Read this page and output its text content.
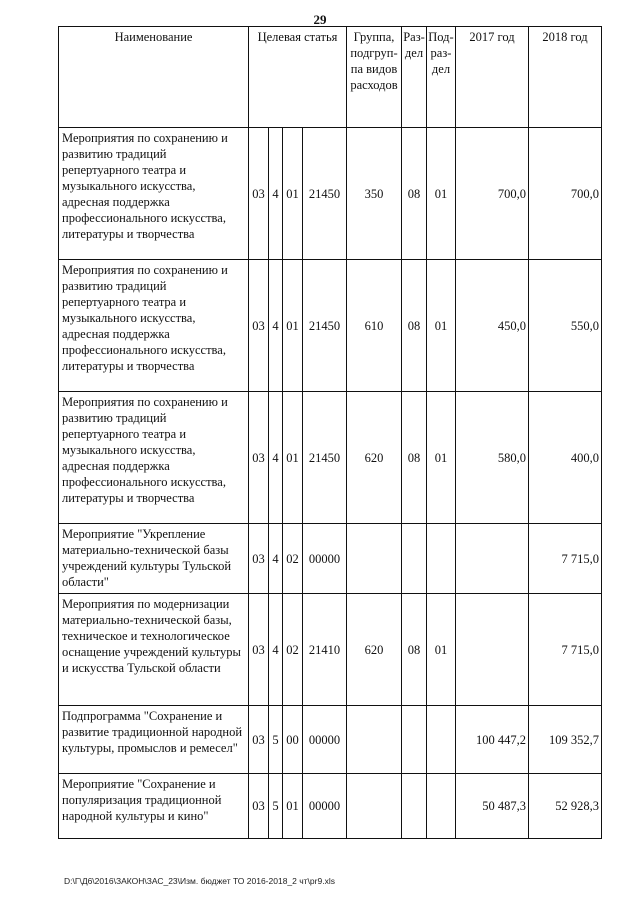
29
Наименование	Целевая статья				Группа, подгруп-па видов расходов	Раз-дел	Под-раз-дел	2017 год	2018 год
Мероприятия по сохранению и развитию традиций репертуарного театра и музыкального искусства, адресная поддержка профессионального искусства, литературы и творчества	03	4	01	21450	350	08	01	700,0	700,0
Мероприятия по сохранению и развитию традиций репертуарного театра и музыкального искусства, адресная поддержка профессионального искусства, литературы и творчества	03	4	01	21450	610	08	01	450,0	550,0
Мероприятия по сохранению и развитию традиций репертуарного театра и музыкального искусства, адресная поддержка профессионального искусства, литературы и творчества	03	4	01	21450	620	08	01	580,0	400,0
Мероприятие "Укрепление материально-технической базы учреждений культуры Тульской области"	03	4	02	00000					7 715,0
Мероприятия по модернизации материально-технической базы, техническое и технологическое оснащение учреждений культуры и искусства Тульской области	03	4	02	21410	620	08	01		7 715,0
Подпрограмма "Сохранение и развитие традиционной народной культуры, промыслов и ремесел"	03	5	00	00000				100 447,2	109 352,7
Мероприятие "Сохранение и популяризация традиционной народной культуры и кино"	03	5	01	00000				50 487,3	52 928,3
D:\Г\Д6\2016\ЗАКОН\ЗАС_23\Изм. бюджет ТО 2016-2018_2 чт\pr9.xls
